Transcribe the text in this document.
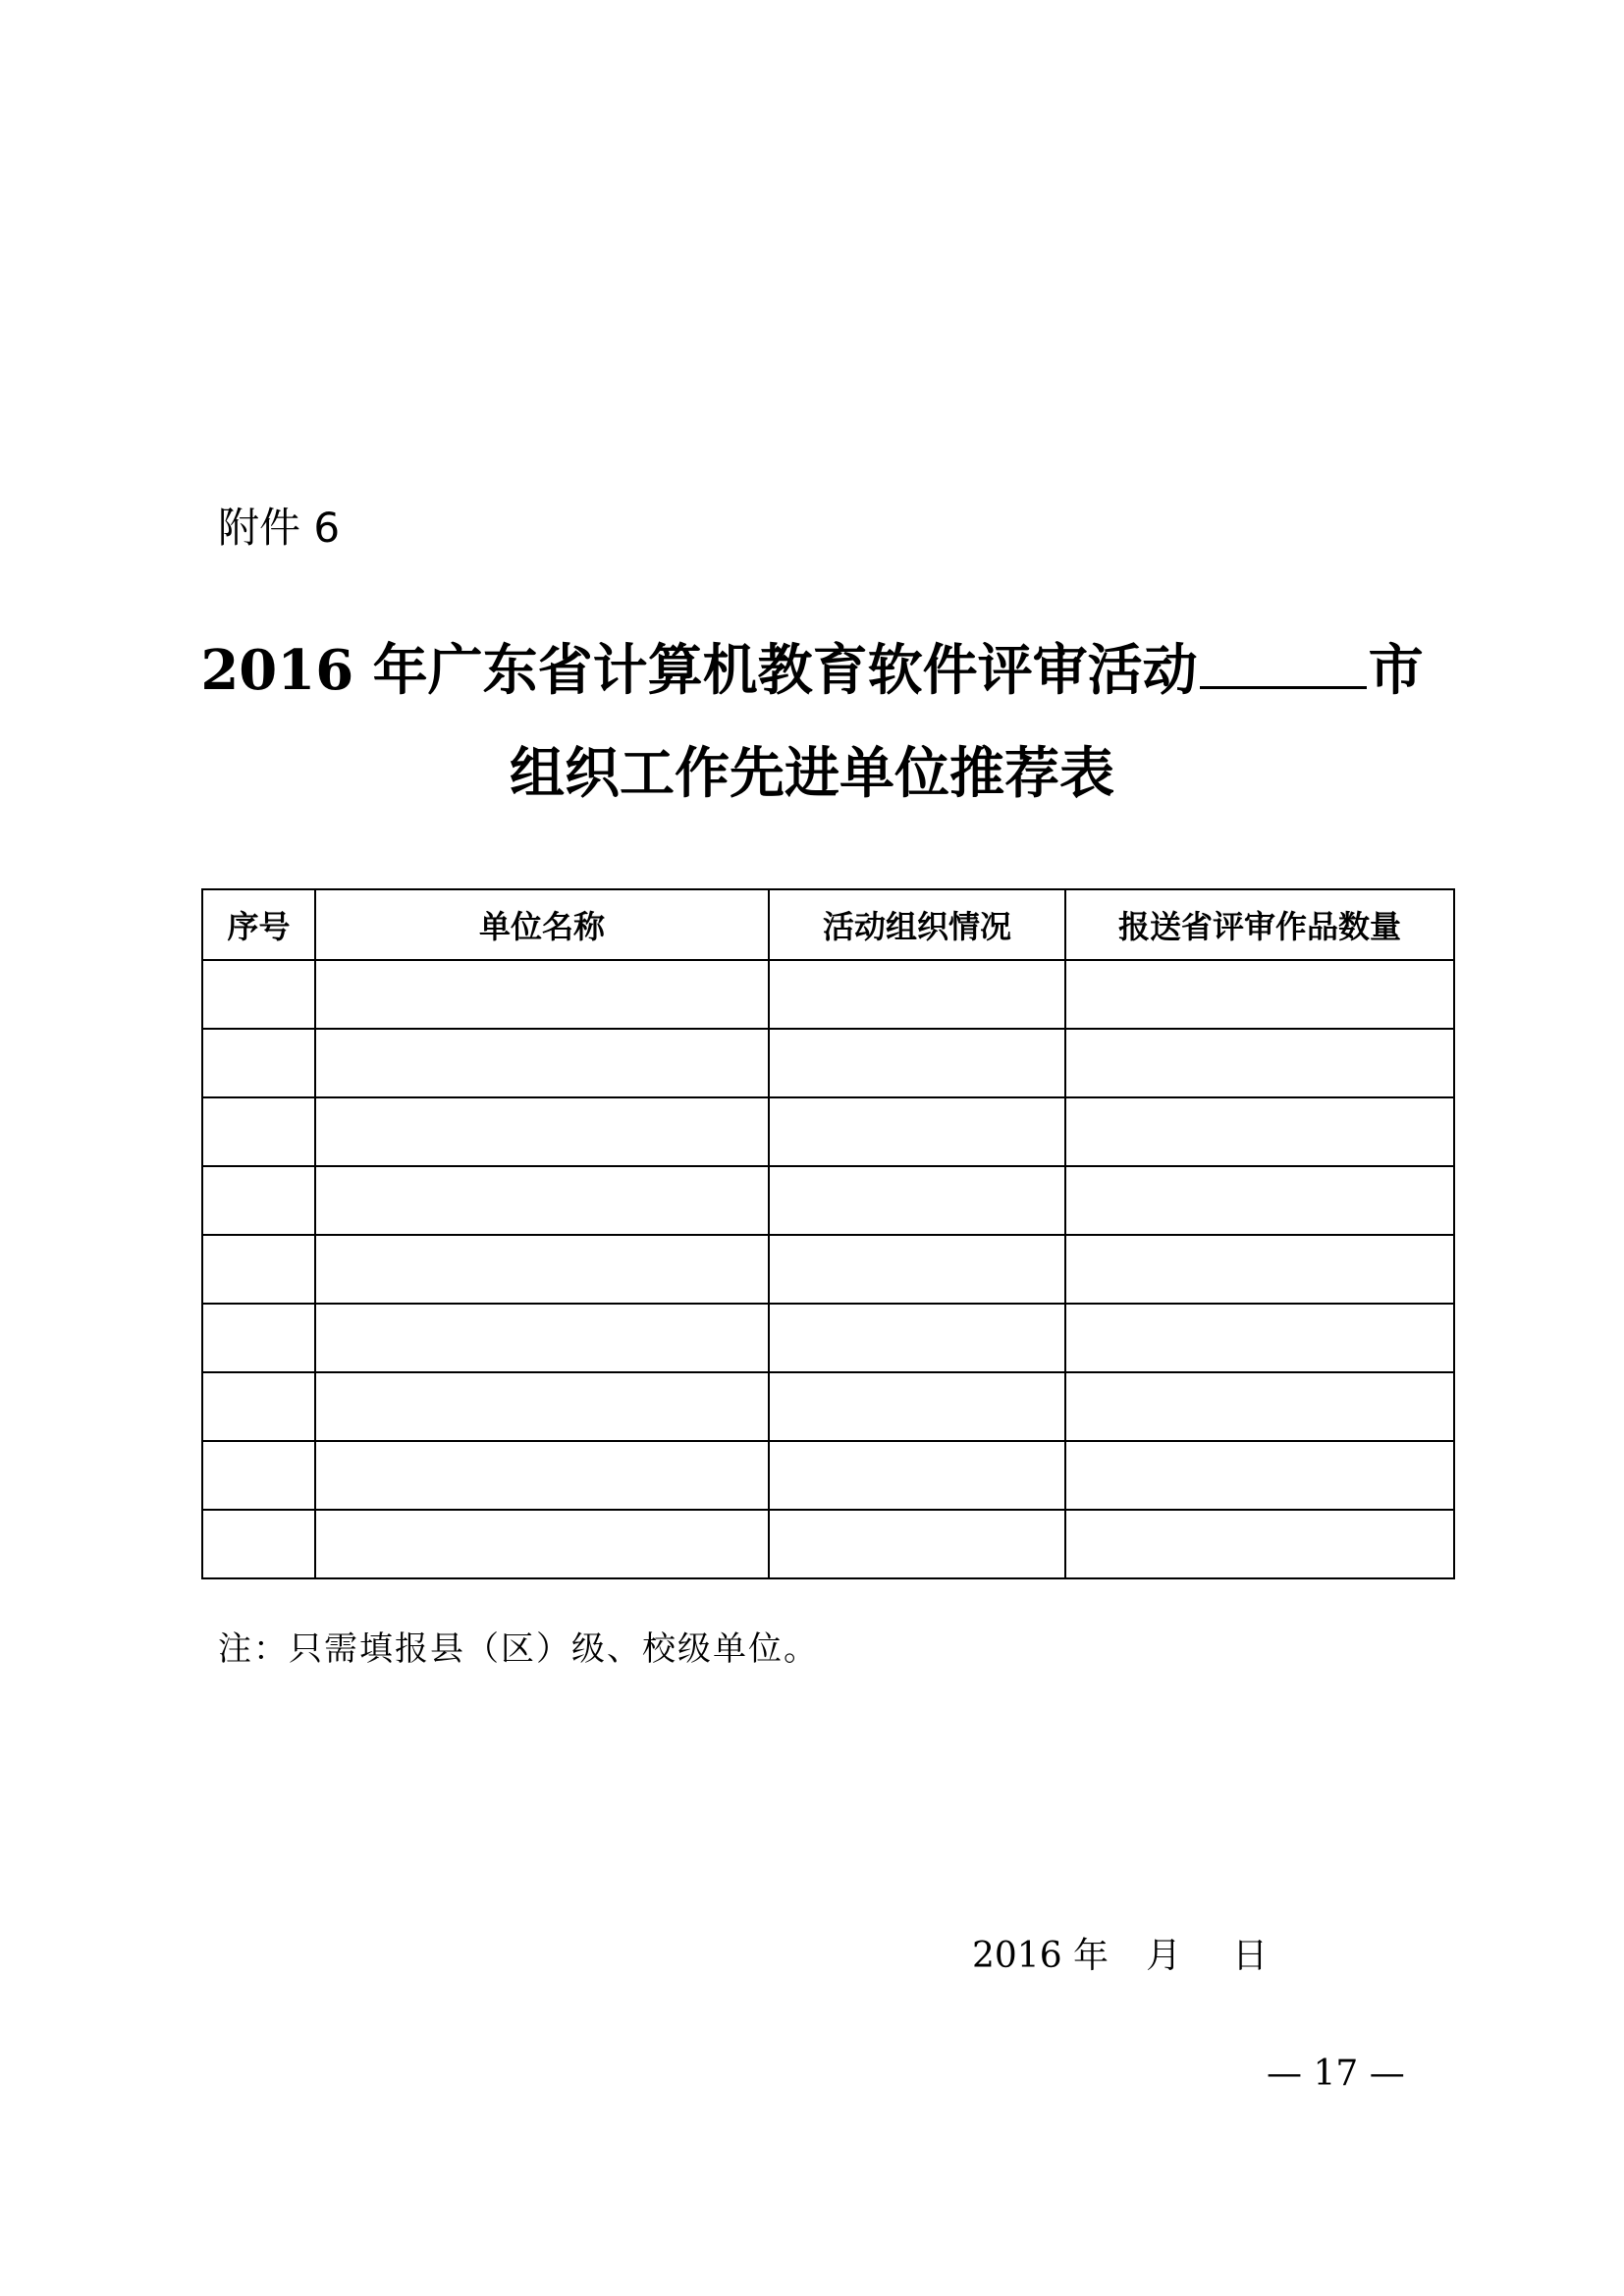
附件 6
2016 年广东省计算机教育软件评审活动	市
组织工作先进单位推荐表
序号	单位名称	活动组织情况	报送省评审作品数量

注：只需填报县（区）级、校级单位。
2016 年 月 日
— 17 —
